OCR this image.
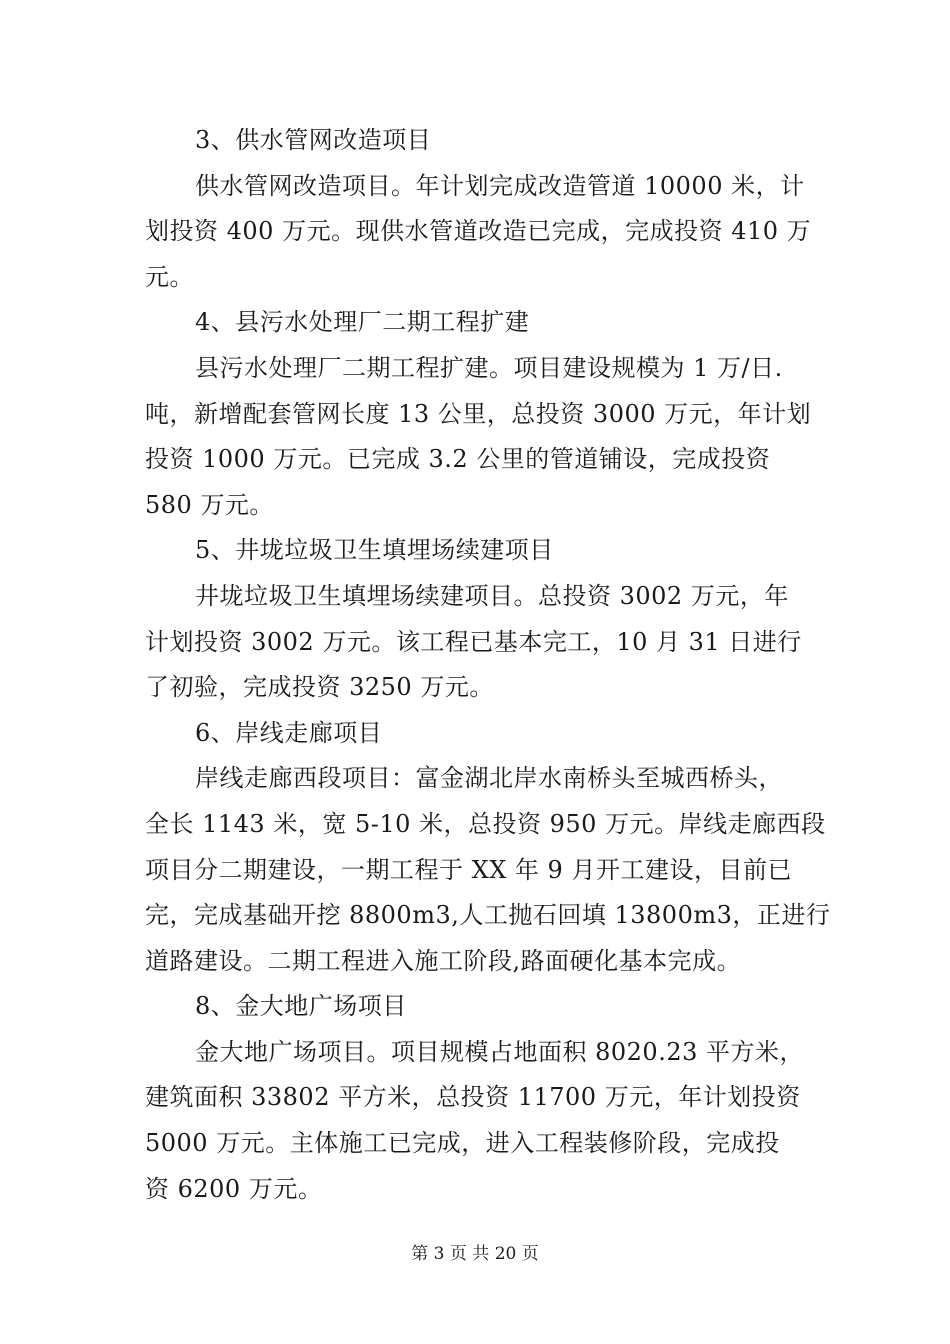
3、供水管网改造项目
供水管网改造项目。年计划完成改造管道 10000 米，计
划投资 400 万元。现供水管道改造已完成，完成投资 410 万
元。
4、县污水处理厂二期工程扩建
县污水处理厂二期工程扩建。项目建设规模为 1 万/日.
吨，新增配套管网长度 13 公里，总投资 3000 万元，年计划
投资 1000 万元。已完成 3.2 公里的管道铺设，完成投资
580 万元。
5、井垅垃圾卫生填埋场续建项目
井垅垃圾卫生填埋场续建项目。总投资 3002 万元，年
计划投资 3002 万元。该工程已基本完工，10 月 31 日进行
了初验，完成投资 3250 万元。
6、岸线走廊项目
岸线走廊西段项目：富金湖北岸水南桥头至城西桥头，
全长 1143 米，宽 5-10 米，总投资 950 万元。岸线走廊西段
项目分二期建设，一期工程于 XX 年 9 月开工建设，目前已
完，完成基础开挖 8800m3,人工抛石回填 13800m3，正进行
道路建设。二期工程进入施工阶段,路面硬化基本完成。
8、金大地广场项目
金大地广场项目。项目规模占地面积 8020.23 平方米，
建筑面积 33802 平方米，总投资 11700 万元，年计划投资
5000 万元。主体施工已完成，进入工程装修阶段，完成投
资 6200 万元。
第 3 页 共 20 页
